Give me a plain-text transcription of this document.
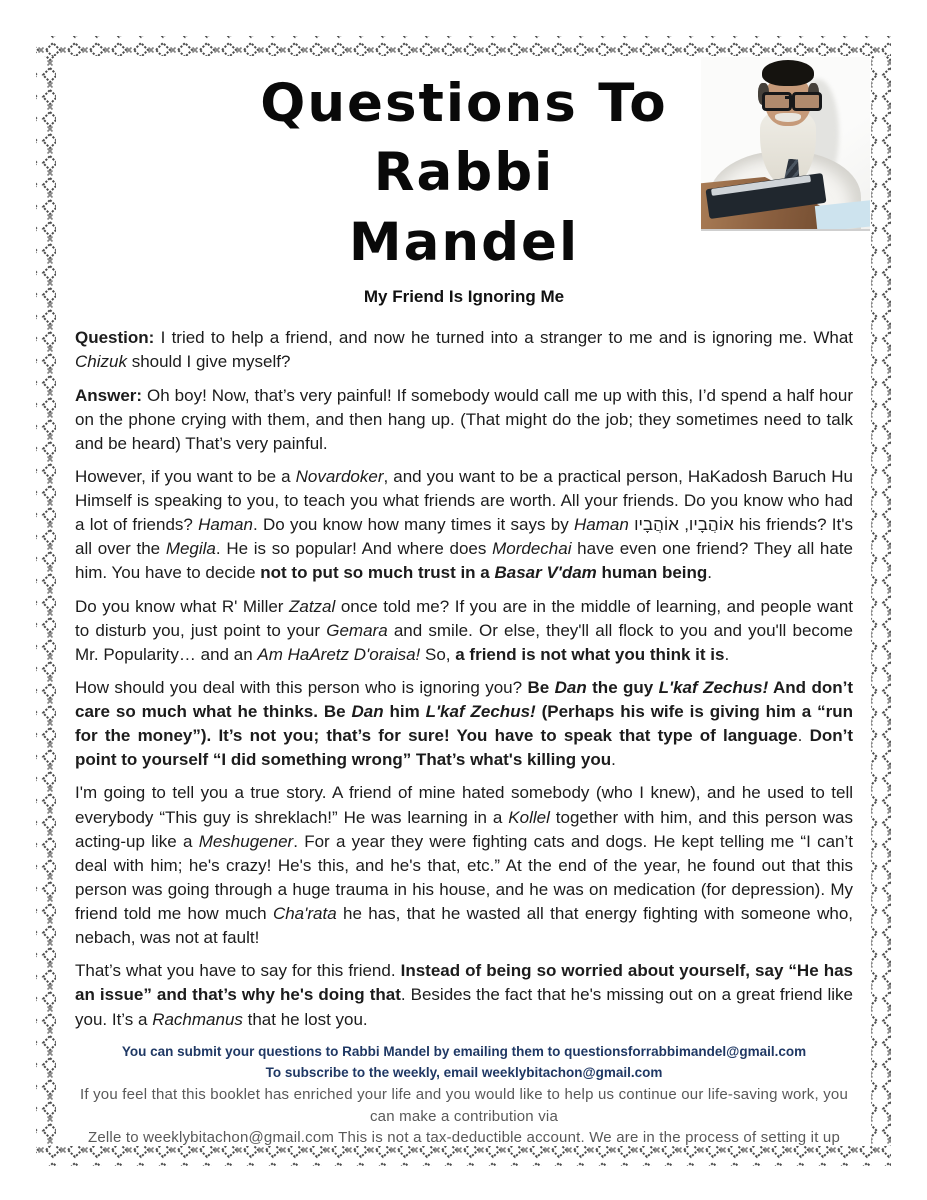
Questions To
Rabbi
Mandel
My Friend Is Ignoring Me

Question: I tried to help a friend, and now he turned into a stranger to me and is ignoring me. What Chizuk should I give myself?

Answer: Oh boy! Now, that’s very painful! If somebody would call me up with this, I’d spend a half hour on the phone crying with them, and then hang up. (That might do the job; they sometimes need to talk and be heard) That’s very painful.

However, if you want to be a Novardoker, and you want to be a practical person, HaKadosh Baruch Hu Himself is speaking to you, to teach you what friends are worth. All your friends. Do you know who had a lot of friends? Haman. Do you know how many times it says by Haman אוֹהֲבָיו, אוֹהֲבָיו his friends? It's all over the Megila. He is so popular! And where does Mordechai have even one friend? They all hate him. You have to decide not to put so much trust in a Basar V'dam human being.

Do you know what R' Miller Zatzal once told me? If you are in the middle of learning, and people want to disturb you, just point to your Gemara and smile. Or else, they'll all flock to you and you'll become Mr. Popularity… and an Am HaAretz D'oraisa! So, a friend is not what you think it is.

How should you deal with this person who is ignoring you? Be Dan the guy L'kaf Zechus! And don’t care so much what he thinks. Be Dan him L'kaf Zechus! (Perhaps his wife is giving him a “run for the money”). It’s not you; that’s for sure! You have to speak that type of language. Don’t point to yourself “I did something wrong” That’s what's killing you.

I'm going to tell you a true story. A friend of mine hated somebody (who I knew), and he used to tell everybody “This guy is shreklach!” He was learning in a Kollel together with him, and this person was acting-up like a Meshugener. For a year they were fighting cats and dogs. He kept telling me “I can’t deal with him; he's crazy! He's this, and he's that, etc.” At the end of the year, he found out that this person was going through a huge trauma in his house, and he was on medication (for depression). My friend told me how much Cha'rata he has, that he wasted all that energy fighting with someone who, nebach, was not at fault!

That’s what you have to say for this friend. Instead of being so worried about yourself, say “He has an issue” and that’s why he's doing that. Besides the fact that he's missing out on a great friend like you. It’s a Rachmanus that he lost you.

You can submit your questions to Rabbi Mandel by emailing them to questionsforrabbimandel@gmail.com
To subscribe to the weekly, email weeklybitachon@gmail.com
If you feel that this booklet has enriched your life and you would like to help us continue our life-saving work, you can make a contribution via
Zelle to weeklybitachon@gmail.com This is not a tax-deductible account. We are in the process of setting it up
